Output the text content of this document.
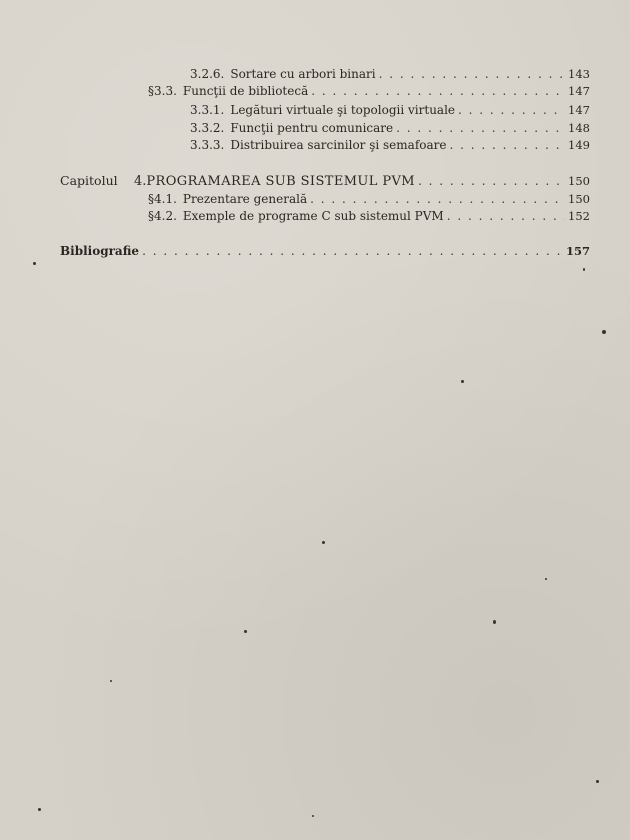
3.2.6. Sortare cu arbori binari . . .	143
§3.3. Funcţii de bibliotecă . . .	147
3.3.1. Legături virtuale şi topologii virtuale . . .	147
3.3.2. Funcţii pentru comunicare . . .	148
3.3.3. Distribuirea sarcinilor şi semafoare . . .	149
Capitolul 4. PROGRAMAREA SUB SISTEMUL PVM . . .	150
§4.1. Prezentare generală . . .	150
§4.2. Exemple de programe C sub sistemul PVM . . .	152
Bibliografie . . .	157
